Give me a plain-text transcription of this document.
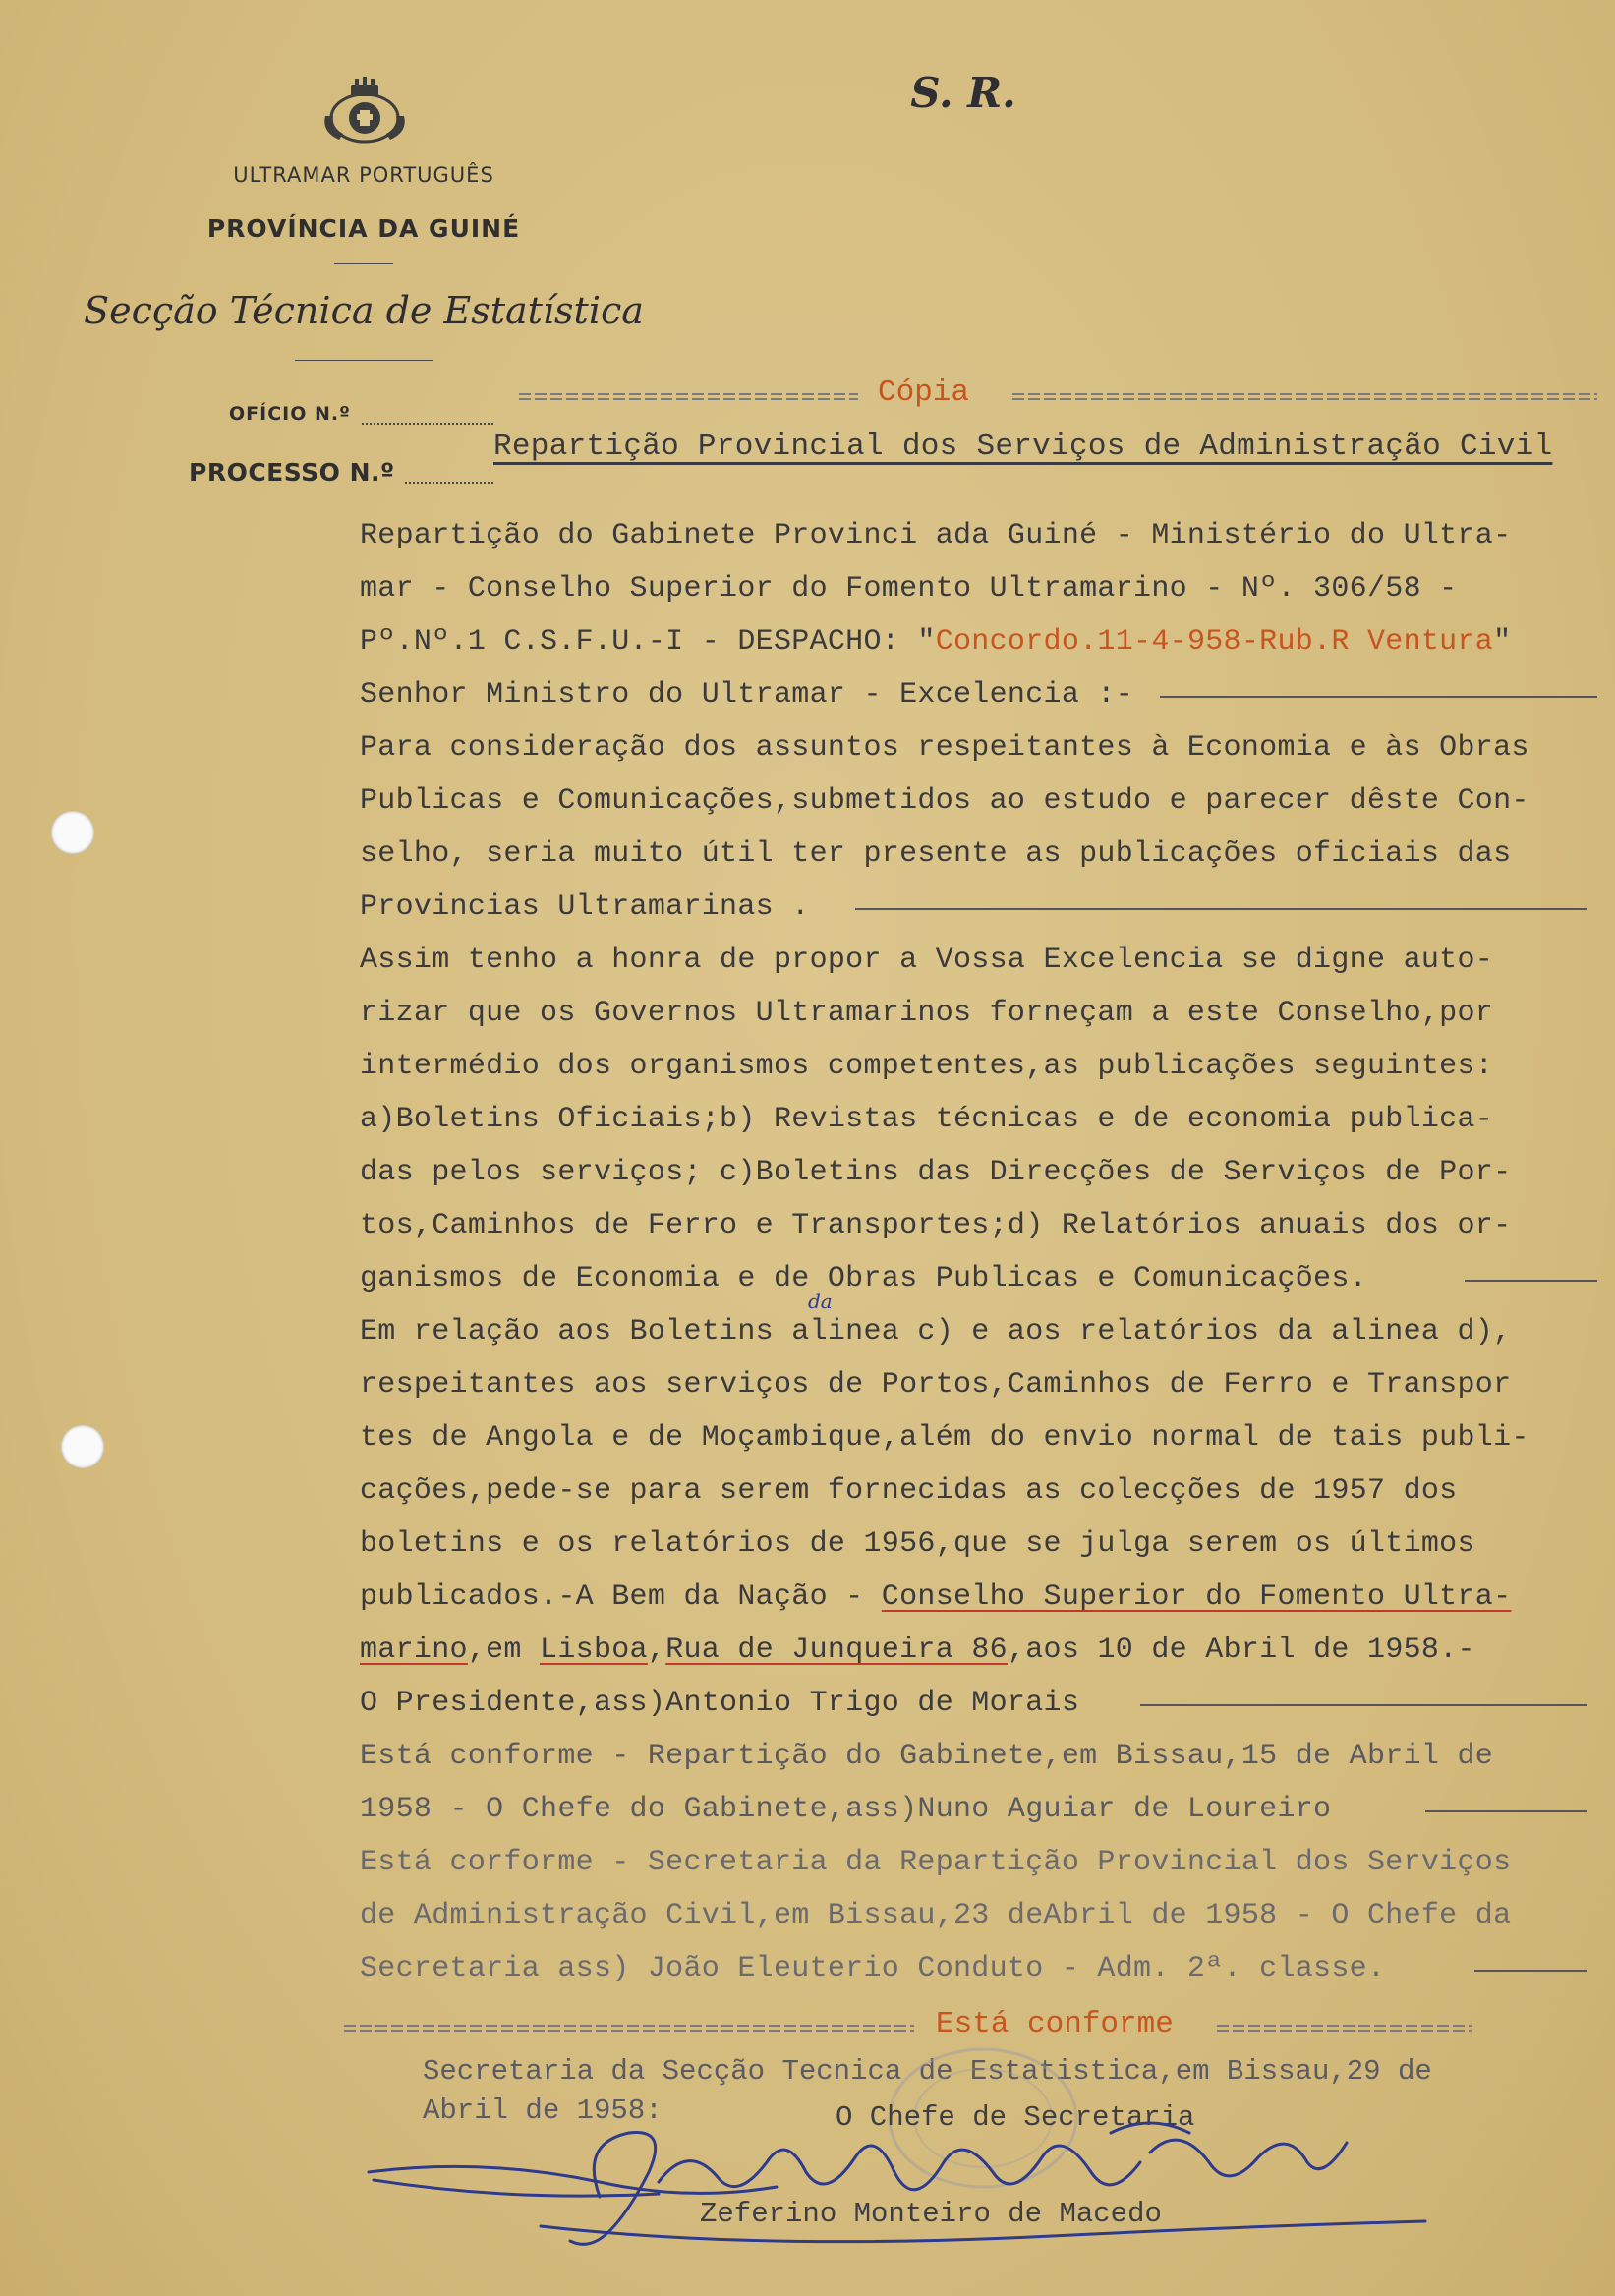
S. R.
ULTRAMAR PORTUGUÊS
PROVÍNCIA DA GUINÉ
Secção Técnica de Estatística
OFÍCIO N.º
PROCESSO N.º
Cópia
Repartição Provincial dos Serviços de Administração Civil
Repartição do Gabinete Provinci ada Guiné - Ministério do Ultra-
mar - Conselho Superior do Fomento Ultramarino - Nº. 306/58 -
Pº.Nº.1 C.S.F.U.-I - DESPACHO: "Concordo.11-4-958-Rub.R Ventura"
Senhor Ministro do Ultramar - Excelencia :-
Para consideração dos assuntos respeitantes à Economia e às Obras
Publicas e Comunicações,submetidos ao estudo e parecer dêste Con-
selho, seria muito útil ter presente as publicações oficiais das
Provincias Ultramarinas .
Assim tenho a honra de propor a Vossa Excelencia se digne auto-
rizar que os Governos Ultramarinos forneçam a este Conselho,por
intermédio dos organismos competentes,as publicações seguintes:
a)Boletins Oficiais;b) Revistas técnicas e de economia publica-
das pelos serviços; c)Boletins das Direcções de Serviços de Por-
tos,Caminhos de Ferro e Transportes;d) Relatórios anuais dos or-
ganismos de Economia e de Obras Publicas e Comunicações.
da
Em relação aos Boletins alinea c) e aos relatórios da alinea d),
respeitantes aos serviços de Portos,Caminhos de Ferro e Transpor
tes de Angola e de Moçambique,além do envio normal de tais publi-
cações,pede-se para serem fornecidas as colecções de 1957 dos
boletins e os relatórios de 1956,que se julga serem os últimos
publicados.-A Bem da Nação - Conselho Superior do Fomento Ultra-
marino,em Lisboa,Rua de Junqueira 86,aos 10 de Abril de 1958.-
O Presidente,ass)Antonio Trigo de Morais
Está conforme - Repartição do Gabinete,em Bissau,15 de Abril de
1958 - O Chefe do Gabinete,ass)Nuno Aguiar de Loureiro
Está corforme - Secretaria da Repartição Provincial dos Serviços
de Administração Civil,em Bissau,23 deAbril de 1958 - O Chefe da
Secretaria ass) João Eleuterio Conduto - Adm. 2ª. classe.
Está conforme
Secretaria da Secção Tecnica de Estatistica,em Bissau,29 de
Abril de 1958:	O Chefe de Secretaria
Zeferino Monteiro de Macedo
